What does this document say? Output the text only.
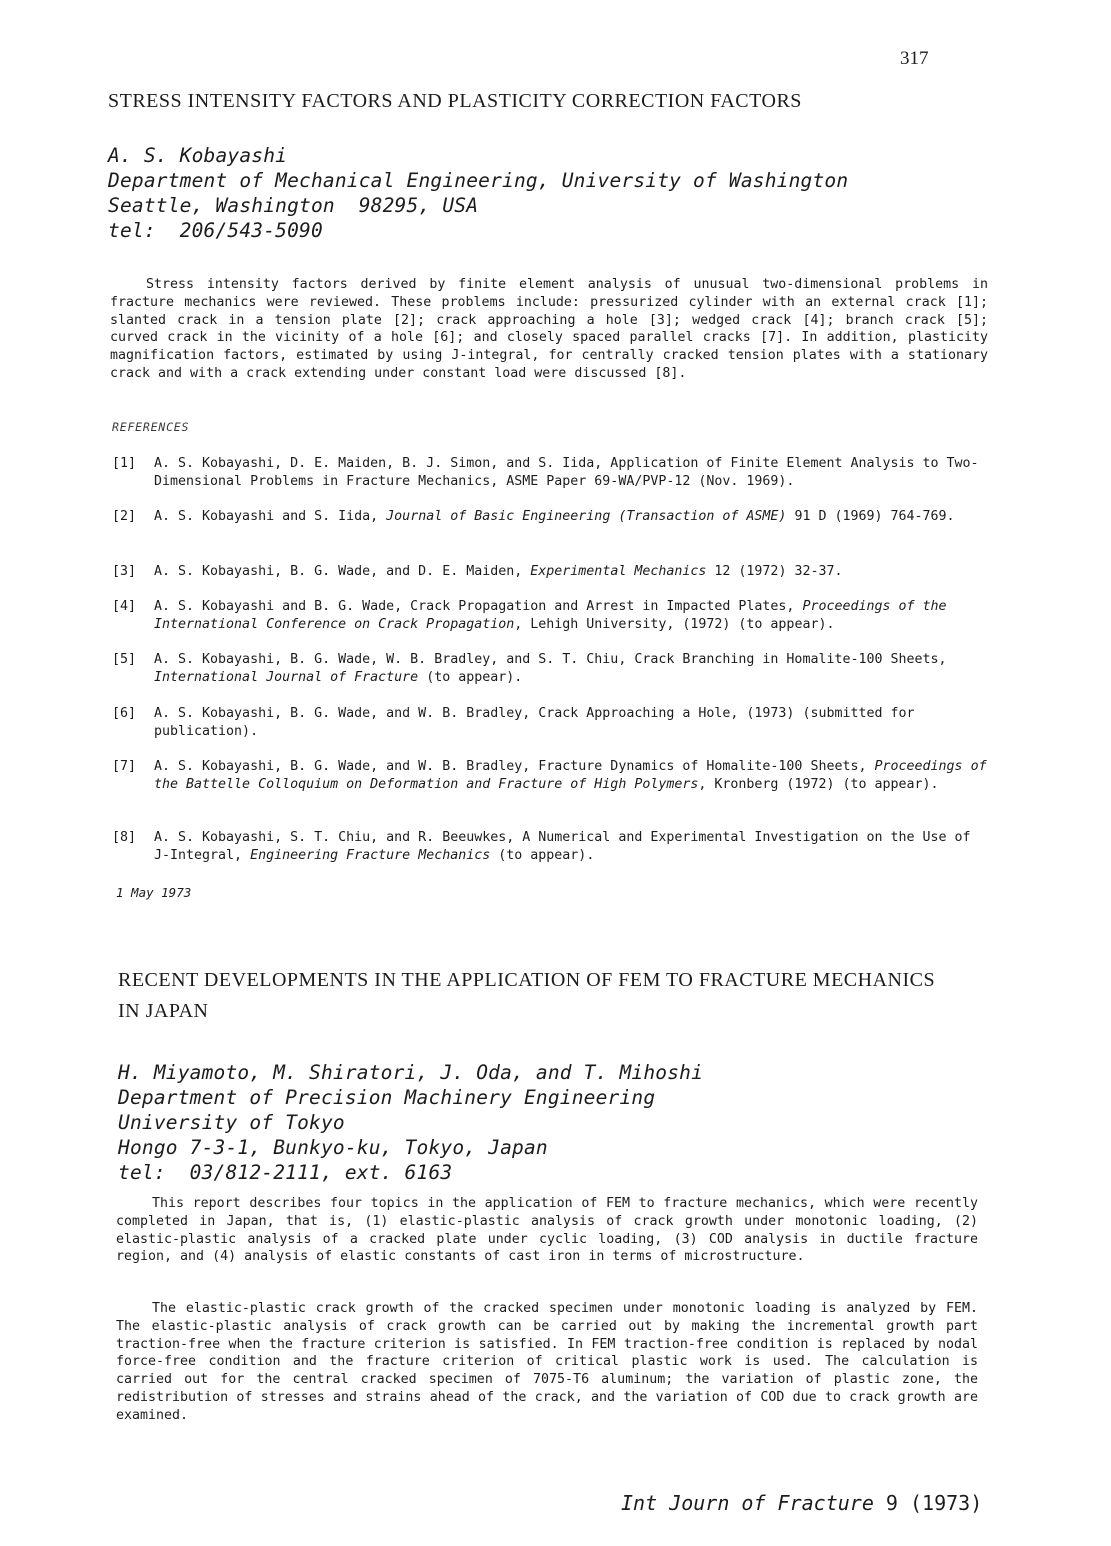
317
STRESS INTENSITY FACTORS AND PLASTICITY CORRECTION FACTORS
A. S. Kobayashi
Department of Mechanical Engineering, University of Washington
Seattle, Washington  98295, USA
tel:  206/543-5090
Stress intensity factors derived by finite element analysis of unusual two-dimensional problems in fracture mechanics were reviewed. These problems include: pressurized cylinder with an external crack [1]; slanted crack in a tension plate [2]; crack approaching a hole [3]; wedged crack [4]; branch crack [5]; curved crack in the vicinity of a hole [6]; and closely spaced parallel cracks [7]. In addition, plasticity magnification factors, estimated by using J-integral, for centrally cracked tension plates with a stationary crack and with a crack extending under constant load were discussed [8].
REFERENCES
[1]	A. S. Kobayashi, D. E. Maiden, B. J. Simon, and S. Iida, Application of Finite Element Analysis to Two-Dimensional Problems in Fracture Mechanics, ASME Paper 69-WA/PVP-12 (Nov. 1969).
[2]	A. S. Kobayashi and S. Iida, Journal of Basic Engineering (Transaction of ASME) 91 D (1969) 764-769.
[3]	A. S. Kobayashi, B. G. Wade, and D. E. Maiden, Experimental Mechanics 12 (1972) 32-37.
[4]	A. S. Kobayashi and B. G. Wade, Crack Propagation and Arrest in Impacted Plates, Proceedings of the International Conference on Crack Propagation, Lehigh University, (1972) (to appear).
[5]	A. S. Kobayashi, B. G. Wade, W. B. Bradley, and S. T. Chiu, Crack Branching in Homalite-100 Sheets, International Journal of Fracture (to appear).
[6]	A. S. Kobayashi, B. G. Wade, and W. B. Bradley, Crack Approaching a Hole, (1973) (submitted for publication).
[7]	A. S. Kobayashi, B. G. Wade, and W. B. Bradley, Fracture Dynamics of Homalite-100 Sheets, Proceedings of the Battelle Colloquium on Deformation and Fracture of High Polymers, Kronberg (1972) (to appear).
[8]	A. S. Kobayashi, S. T. Chiu, and R. Beeuwkes, A Numerical and Experimental Investigation on the Use of J-Integral, Engineering Fracture Mechanics (to appear).
1 May 1973
RECENT DEVELOPMENTS IN THE APPLICATION OF FEM TO FRACTURE MECHANICS
IN JAPAN
H. Miyamoto, M. Shiratori, J. Oda, and T. Mihoshi
Department of Precision Machinery Engineering
University of Tokyo
Hongo 7-3-1, Bunkyo-ku, Tokyo, Japan
tel:  03/812-2111, ext. 6163
This report describes four topics in the application of FEM to fracture mechanics, which were recently completed in Japan, that is, (1) elastic-plastic analysis of crack growth under monotonic loading, (2) elastic-plastic analysis of a cracked plate under cyclic loading, (3) COD analysis in ductile fracture region, and (4) analysis of elastic constants of cast iron in terms of microstructure.
The elastic-plastic crack growth of the cracked specimen under monotonic loading is analyzed by FEM. The elastic-plastic analysis of crack growth can be carried out by making the incremental growth part traction-free when the fracture criterion is satisfied. In FEM traction-free condition is replaced by nodal force-free condition and the fracture criterion of critical plastic work is used. The calculation is carried out for the central cracked specimen of 7075-T6 aluminum; the variation of plastic zone, the redistribution of stresses and strains ahead of the crack, and the variation of COD due to crack growth are examined.
Int Journ of Fracture 9 (1973)
